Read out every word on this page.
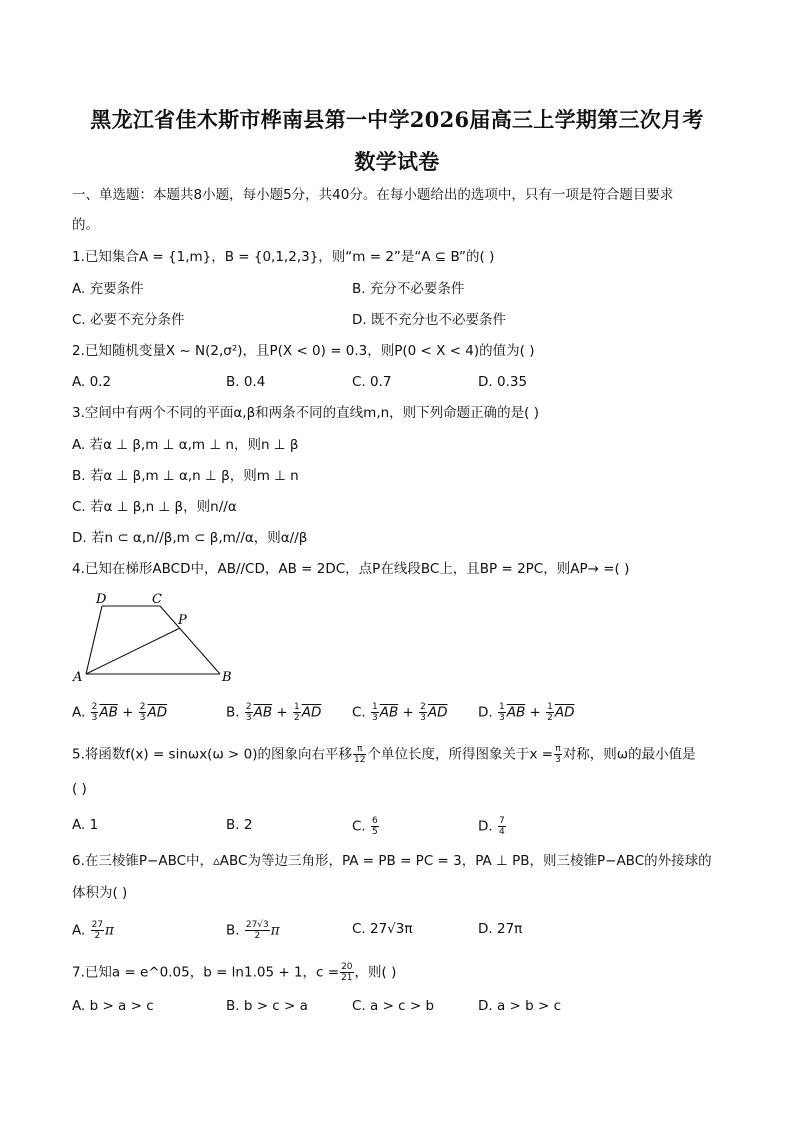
黑龙江省佳木斯市桦南县第一中学2026届高三上学期第三次月考
数学试卷
一、单选题：本题共8小题，每小题5分，共40分。在每小题给出的选项中，只有一项是符合题目要求
的。
1.已知集合A = {1,m}，B = {0,1,2,3}，则“m = 2”是“A ⊆ B”的( )
A. 充要条件	B. 充分不必要条件
C. 必要不充分条件	D. 既不充分也不必要条件
2.已知随机变量X ~ N(2,σ²)，且P(X < 0) = 0.3，则P(0 < X < 4)的值为( )
A. 0.2	B. 0.4	C. 0.7	D. 0.35
3.空间中有两个不同的平面α,β和两条不同的直线m,n，则下列命题正确的是( )
A. 若α ⊥ β,m ⊥ α,m ⊥ n，则n ⊥ β
B. 若α ⊥ β,m ⊥ α,n ⊥ β，则m ⊥ n
C. 若α ⊥ β,n ⊥ β，则n//α
D. 若n ⊂ α,n//β,m ⊂ β,m//α，则α//β
4.已知在梯形ABCD中，AB//CD，AB = 2DC，点P在线段BC上，且BP = 2PC，则AP→ =( )
D	C
P
A	B
A. $\frac{2}{3} \overline{AB} + \frac{2}{3} \overline{AD}$	B. $\frac{2}{3} \overline{AB} + \frac{1}{2} \overline{AD}$ C. $\frac{1}{3} \overline{AB} + \frac{2}{3} \overline{AD}$ D. $\frac{1}{3} \overline{AB} + \frac{1}{2} \overline{AD}$
5.将函数f(x) = sinωx(ω > 0)的图象向右平移 $\frac{\pi}{12}$ 个单位长度，所得图象关于$x = \frac{\pi}{3}$ 对称，则ω的最小值是
( )
A. 1	B. 2	C. $\frac{6}{5}$	D. $\frac{7}{4}$
6.在三棱锥P−ABC中，▵ABC为等边三角形，PA = PB = PC = 3，PA ⊥ PB，则三棱锥P−ABC的外接球的
体积为( )
A. $\frac{27}{2}$ π	B. $\frac{27√3}{2}$ π	C. 27√3π	D. 27π
7.已知a = e^0.05，b = ln1.05 + 1，$c = \frac{20}{21}$ ，则( )
A. b > a > c	B. b > c > a	C. a > c > b	D. a > b > c
